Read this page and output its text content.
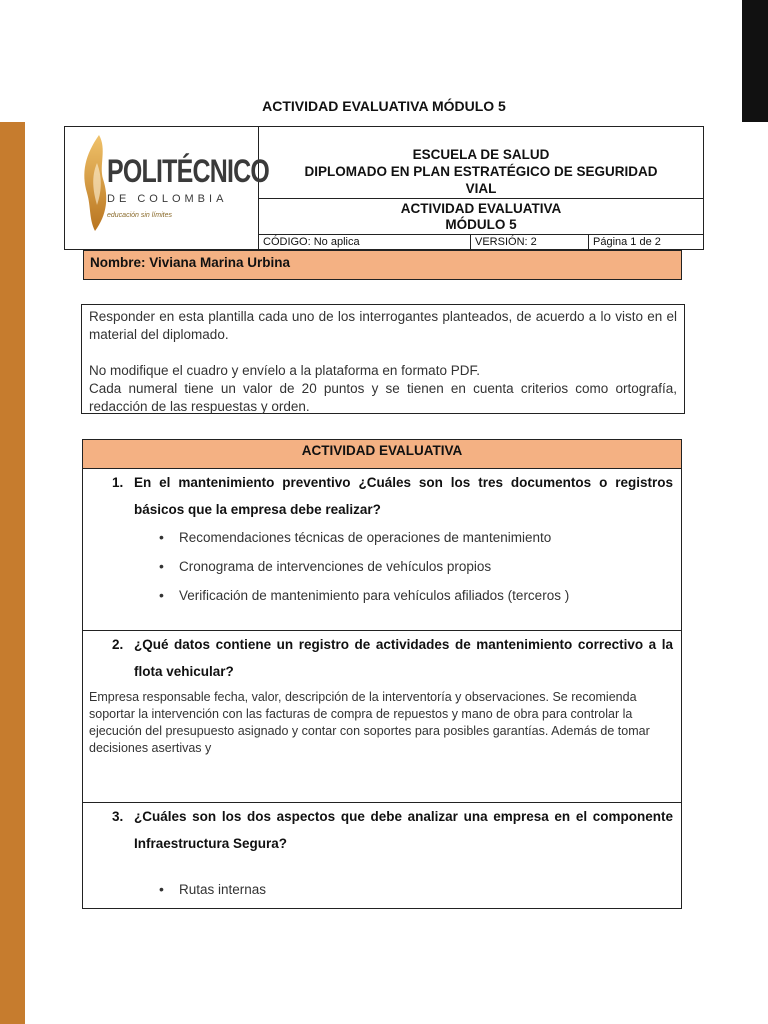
ACTIVIDAD EVALUATIVA MÓDULO 5
POLITÉCNICO
DE COLOMBIA
educación sin límites
ESCUELA DE SALUD
DIPLOMADO EN PLAN ESTRATÉGICO DE SEGURIDAD
VIAL
ACTIVIDAD EVALUATIVA
MÓDULO 5
CÓDIGO: No aplica	VERSIÓN: 2	Página 1 de 2
Nombre: Viviana Marina Urbina

Responder en esta plantilla cada uno de los interrogantes planteados, de acuerdo a lo visto en el material del diplomado.

No modifique el cuadro y envíelo a la plataforma en formato PDF.

Cada numeral tiene un valor de 20 puntos y se tienen en cuenta criterios como ortografía, redacción de las respuestas y orden.

ACTIVIDAD EVALUATIVA
1. En el mantenimiento preventivo ¿Cuáles son los tres documentos o registros básicos que la empresa debe realizar?
• Recomendaciones técnicas de operaciones de mantenimiento
• Cronograma de intervenciones de vehículos propios
• Verificación de mantenimiento para vehículos afiliados (terceros )
2. ¿Qué datos contiene un registro de actividades de mantenimiento correctivo a la flota vehicular?
Empresa responsable fecha, valor, descripción de la interventoría y observaciones. Se recomienda soportar la intervención con las facturas de compra de repuestos y mano de obra para controlar la ejecución del presupuesto asignado y contar con soportes para posibles garantías. Además de tomar decisiones asertivas y
3. ¿Cuáles son los dos aspectos que debe analizar una empresa en el componente Infraestructura Segura?
• Rutas internas
